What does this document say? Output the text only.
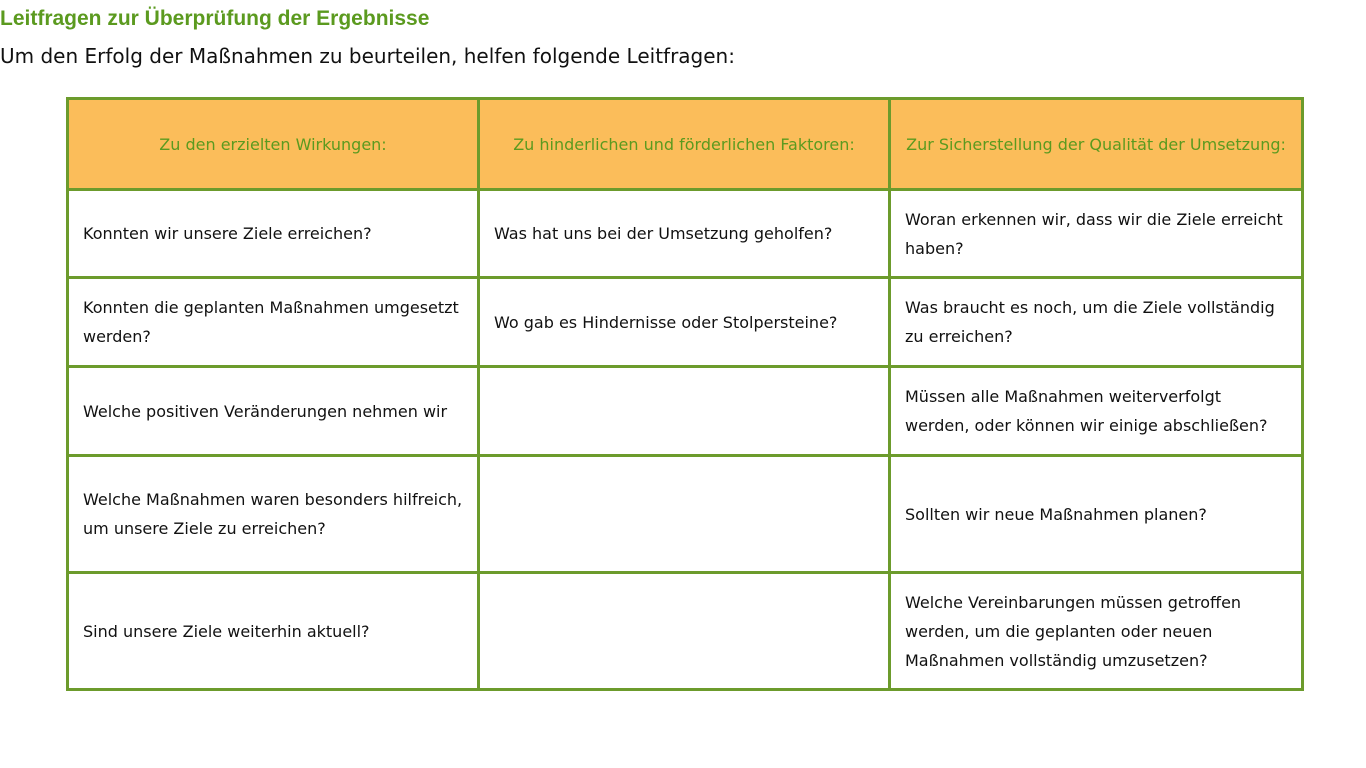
Leitfragen zur Überprüfung der Ergebnisse
Um den Erfolg der Maßnahmen zu beurteilen, helfen folgende Leitfragen:
Zu den erzielten Wirkungen:	Zu hinderlichen und förderlichen Faktoren:	Zur Sicherstellung der Qualität der Umsetzung:
Konnten wir unsere Ziele erreichen?	Was hat uns bei der Umsetzung geholfen?	Woran erkennen wir, dass wir die Ziele erreicht haben?
Konnten die geplanten Maßnahmen umgesetzt werden?	Wo gab es Hindernisse oder Stolpersteine?	Was braucht es noch, um die Ziele vollständig zu erreichen?
Welche positiven Veränderungen nehmen wir		Müssen alle Maßnahmen weiterverfolgt werden, oder können wir einige abschließen?
Welche Maßnahmen waren besonders hilfreich, um unsere Ziele zu erreichen?		Sollten wir neue Maßnahmen planen?
Sind unsere Ziele weiterhin aktuell?		Welche Vereinbarungen müssen getroffen werden, um die geplanten oder neuen Maßnahmen vollständig umzusetzen?
